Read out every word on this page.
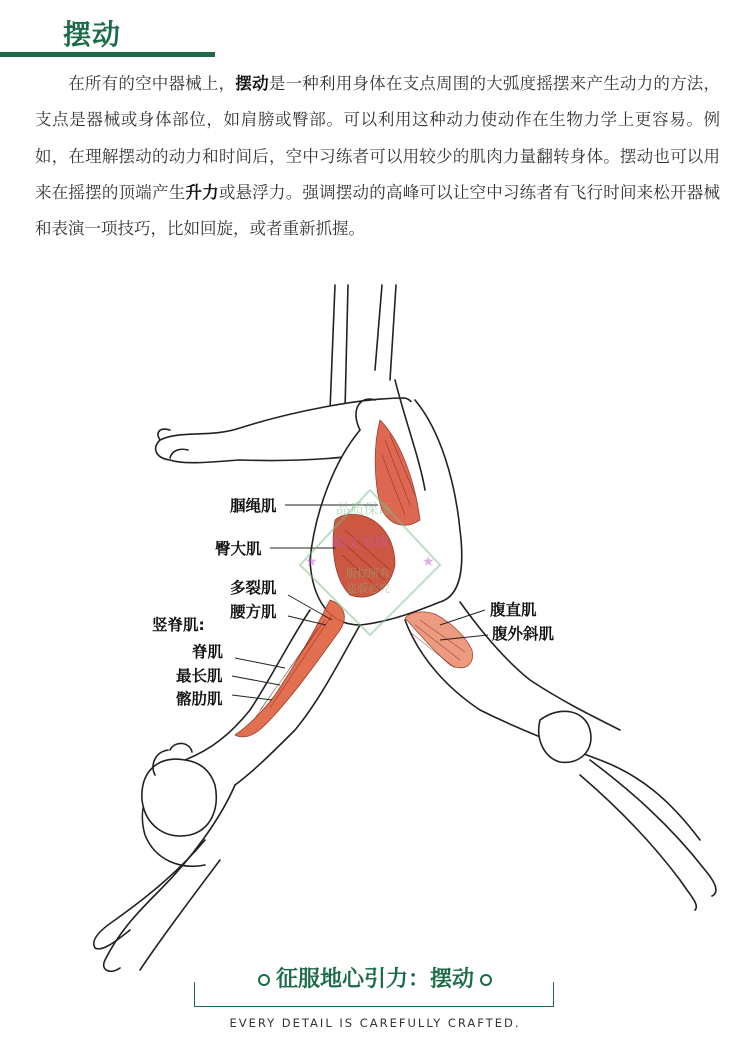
摆动
在所有的空中器械上，摆动是一种利用身体在支点周围的大弧度摇摆来产生动力的方法，支点是器械或身体部位，如肩膀或臀部。可以利用这种动力使动作在生物力学上更容易。例如，在理解摆动的动力和时间后，空中习练者可以用较少的肌肉力量翻转身体。摆动也可以用来在摇摆的顶端产生升力或悬浮力。强调摆动的高峰可以让空中习练者有飞行时间来松开器械和表演一项技巧，比如回旋，或者重新抓握。
★	★
品质保证
翰文书城
版权所有
盗版必究
腘绳肌
臀大肌
多裂肌
腰方肌
竖脊肌:
脊肌
最长肌
髂肋肌
腹直肌
腹外斜肌
征服地心引力：摆动
EVERY DETAIL IS CAREFULLY CRAFTED.
